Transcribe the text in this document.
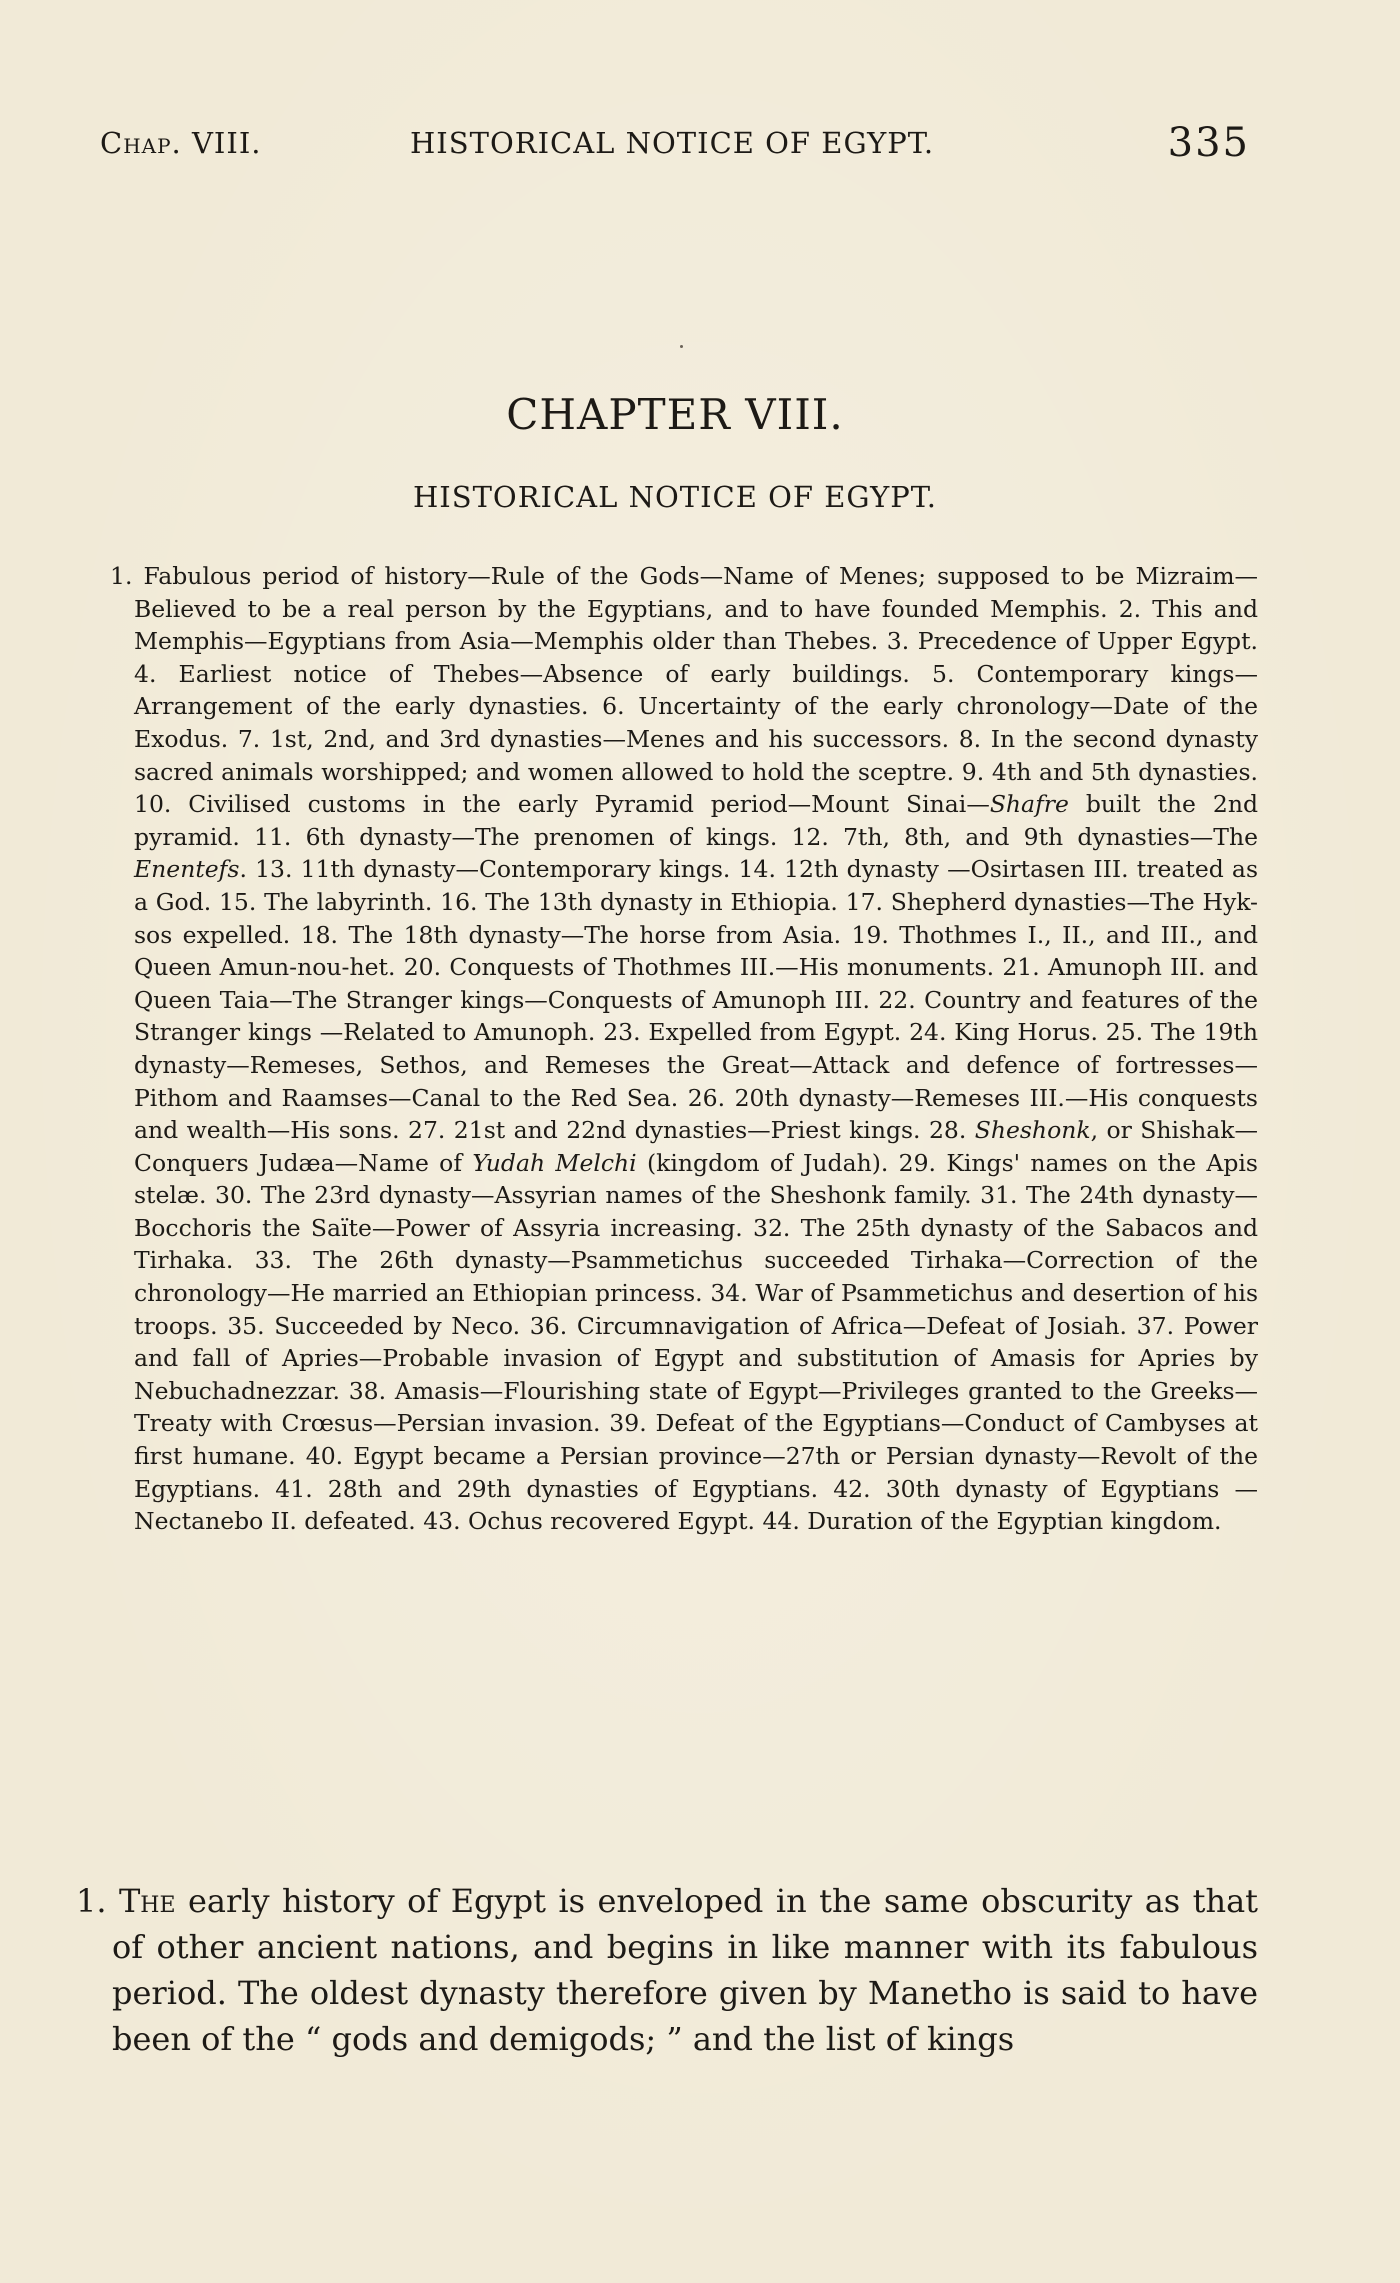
Chap. VIII.	HISTORICAL NOTICE OF EGYPT.	335
CHAPTER VIII.
HISTORICAL NOTICE OF EGYPT.
1. Fabulous period of history—Rule of the Gods—Name of Menes; supposed to be Mizraim—Believed to be a real person by the Egyptians, and to have founded Memphis. 2. This and Memphis—Egyptians from Asia—Memphis older than Thebes. 3. Precedence of Upper Egypt. 4. Earliest notice of Thebes—Absence of early buildings. 5. Contemporary kings—Arrangement of the early dynasties. 6. Uncertainty of the early chronology—Date of the Exodus. 7. 1st, 2nd, and 3rd dynasties—Menes and his successors. 8. In the second dynasty sacred animals worshipped; and women allowed to hold the sceptre. 9. 4th and 5th dynasties. 10. Civilised customs in the early Pyramid period—Mount Sinai—Shafre built the 2nd pyramid. 11. 6th dynasty—The prenomen of kings. 12. 7th, 8th, and 9th dynasties—The Enentefs. 13. 11th dynasty—Contemporary kings. 14. 12th dynasty —Osirtasen III. treated as a God. 15. The labyrinth. 16. The 13th dynasty in Ethiopia. 17. Shepherd dynasties—The Hyk-sos expelled. 18. The 18th dynasty—The horse from Asia. 19. Thothmes I., II., and III., and Queen Amun-nou-het. 20. Conquests of Thothmes III.—His monuments. 21. Amunoph III. and Queen Taia—The Stranger kings—Conquests of Amunoph III. 22. Country and features of the Stranger kings —Related to Amunoph. 23. Expelled from Egypt. 24. King Horus. 25. The 19th dynasty—Remeses, Sethos, and Remeses the Great—Attack and defence of fortresses—Pithom and Raamses—Canal to the Red Sea. 26. 20th dynasty—Remeses III.—His conquests and wealth—His sons. 27. 21st and 22nd dynasties—Priest kings. 28. Sheshonk, or Shishak—Conquers Judæa—Name of Yudah Melchi (kingdom of Judah). 29. Kings' names on the Apis stelæ. 30. The 23rd dynasty—Assyrian names of the Sheshonk family. 31. The 24th dynasty—Bocchoris the Saïte—Power of Assyria increasing. 32. The 25th dynasty of the Sabacos and Tirhaka. 33. The 26th dynasty—Psammetichus succeeded Tirhaka—Correction of the chronology—He married an Ethiopian princess. 34. War of Psammetichus and desertion of his troops. 35. Succeeded by Neco. 36. Circumnavigation of Africa—Defeat of Josiah. 37. Power and fall of Apries—Probable invasion of Egypt and substitution of Amasis for Apries by Nebuchadnezzar. 38. Amasis—Flourishing state of Egypt—Privileges granted to the Greeks—Treaty with Crœsus—Persian invasion. 39. Defeat of the Egyptians—Conduct of Cambyses at first humane. 40. Egypt became a Persian province—27th or Persian dynasty—Revolt of the Egyptians. 41. 28th and 29th dynasties of Egyptians. 42. 30th dynasty of Egyptians —Nectanebo II. defeated. 43. Ochus recovered Egypt. 44. Duration of the Egyptian kingdom.
1. The early history of Egypt is enveloped in the same obscurity as that of other ancient nations, and begins in like manner with its fabulous period. The oldest dynasty therefore given by Manetho is said to have been of the “ gods and demigods; ” and the list of kings
